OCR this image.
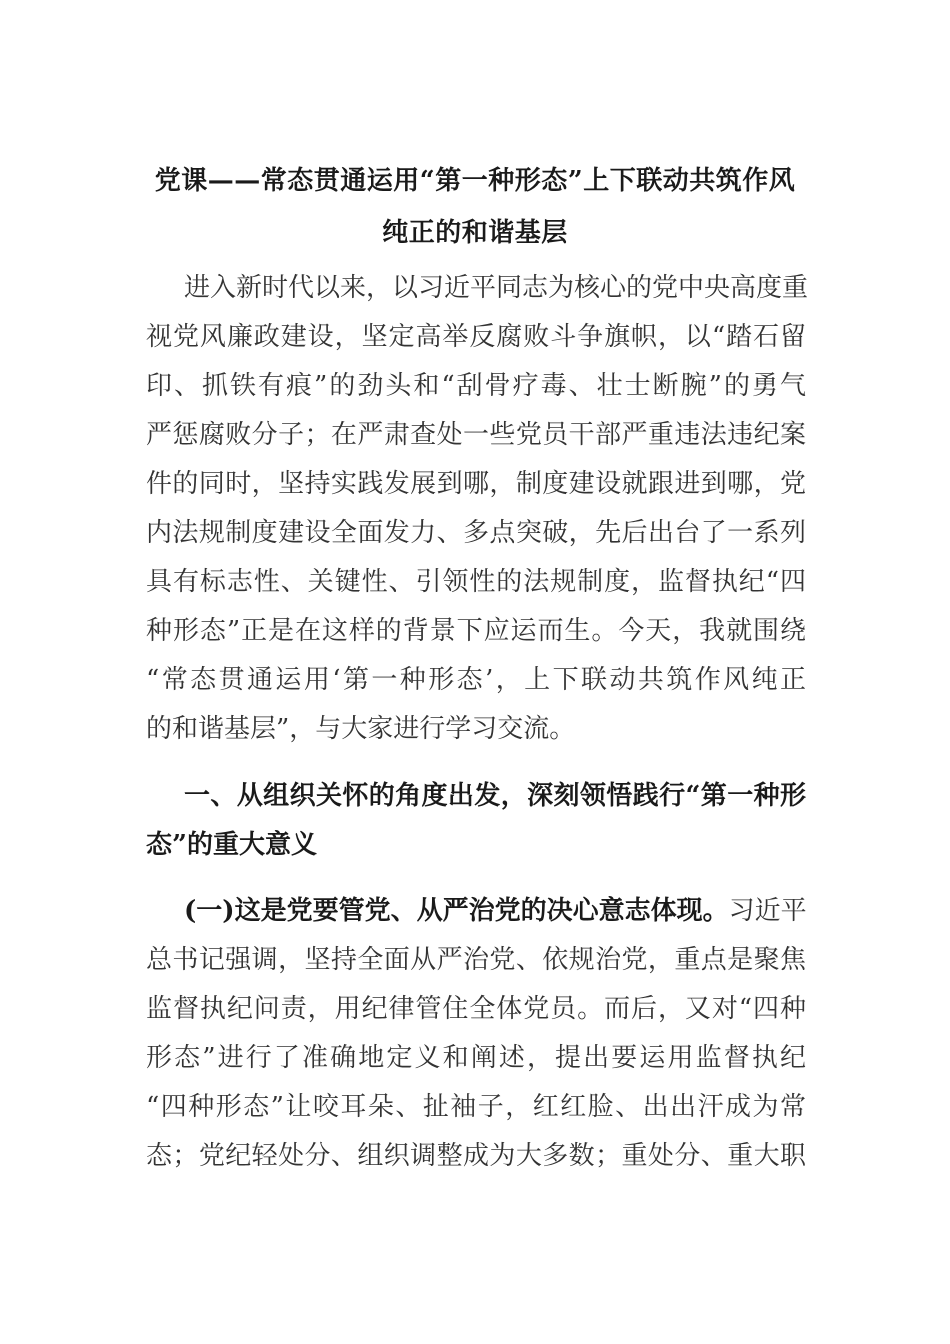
党课——常态贯通运用“第一种形态”上下联动共筑作风
纯正的和谐基层
进入新时代以来，以习近平同志为核心的党中央高度重
视党风廉政建设，坚定高举反腐败斗争旗帜，以“踏石留
印、抓铁有痕”的劲头和“刮骨疗毒、壮士断腕”的勇气
严惩腐败分子；在严肃查处一些党员干部严重违法违纪案
件的同时，坚持实践发展到哪，制度建设就跟进到哪，党
内法规制度建设全面发力、多点突破，先后出台了一系列
具有标志性、关键性、引领性的法规制度，监督执纪“四
种形态”正是在这样的背景下应运而生。今天，我就围绕
“常态贯通运用‘第一种形态’，上下联动共筑作风纯正
的和谐基层”，与大家进行学习交流。
一、从组织关怀的角度出发，深刻领悟践行“第一种形
态”的重大意义
(一)这是党要管党、从严治党的决心意志体现。习近平
总书记强调，坚持全面从严治党、依规治党，重点是聚焦
监督执纪问责，用纪律管住全体党员。而后，又对“四种
形态”进行了准确地定义和阐述，提出要运用监督执纪
“四种形态”让咬耳朵、扯袖子，红红脸、出出汗成为常
态；党纪轻处分、组织调整成为大多数；重处分、重大职
